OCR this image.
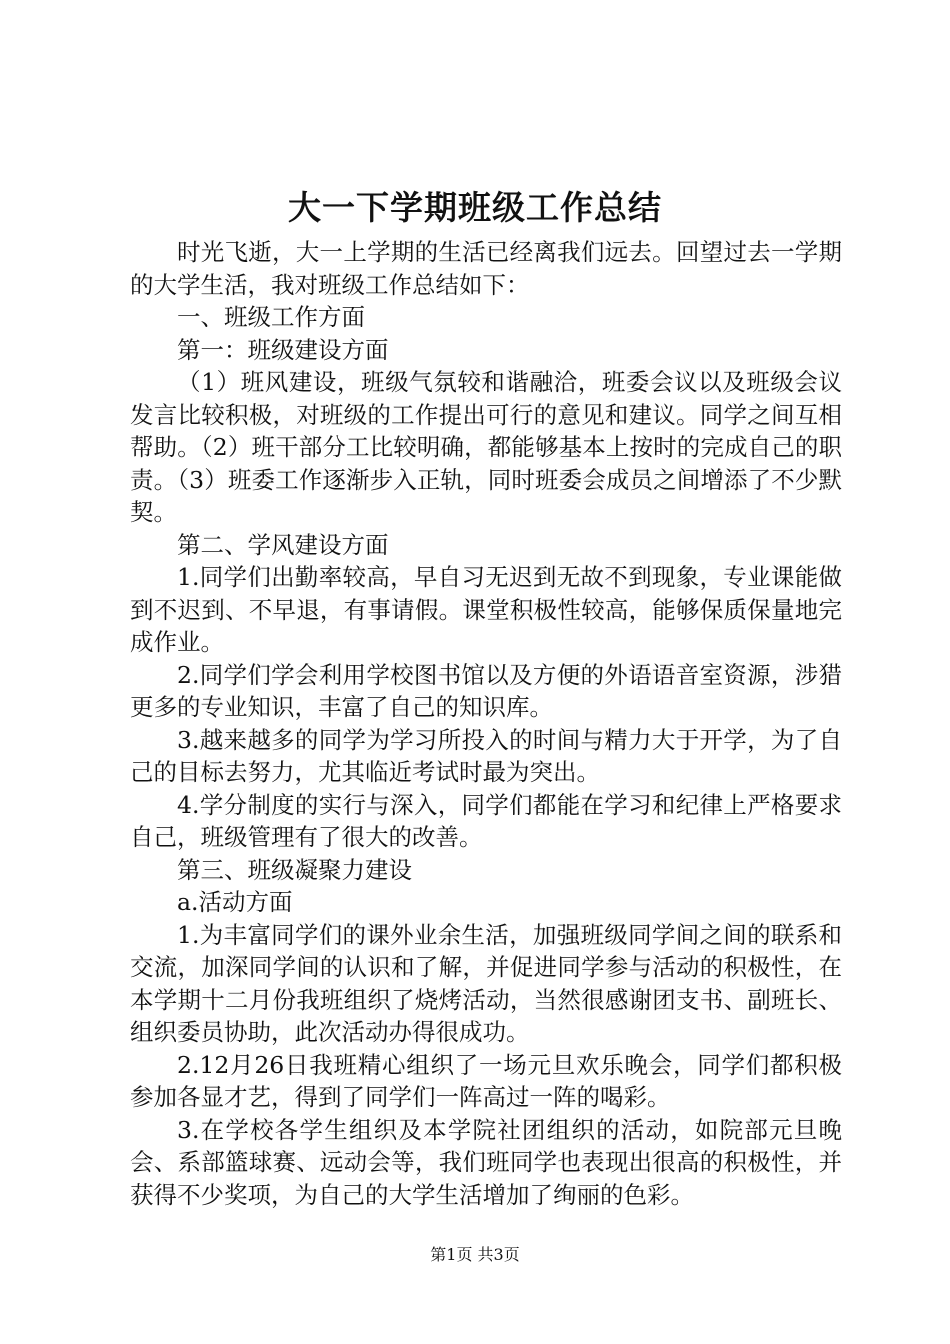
大一下学期班级工作总结

时光飞逝，大一上学期的生活已经离我们远去。回望过去一学期的大学生活，我对班级工作总结如下：

一、班级工作方面

第一：班级建设方面

（1）班风建设，班级气氛较和谐融洽，班委会议以及班级会议发言比较积极，对班级的工作提出可行的意见和建议。同学之间互相帮助。（2）班干部分工比较明确，都能够基本上按时的完成自己的职责。（3）班委工作逐渐步入正轨，同时班委会成员之间增添了不少默契。

第二、学风建设方面

1.同学们出勤率较高，早自习无迟到无故不到现象，专业课能做到不迟到、不早退，有事请假。课堂积极性较高，能够保质保量地完成作业。

2.同学们学会利用学校图书馆以及方便的外语语音室资源，涉猎更多的专业知识，丰富了自己的知识库。

3.越来越多的同学为学习所投入的时间与精力大于开学，为了自己的目标去努力，尤其临近考试时最为突出。

4.学分制度的实行与深入，同学们都能在学习和纪律上严格要求自己，班级管理有了很大的改善。

第三、班级凝聚力建设

a.活动方面

1.为丰富同学们的课外业余生活，加强班级同学间之间的联系和交流，加深同学间的认识和了解，并促进同学参与活动的积极性，在本学期十二月份我班组织了烧烤活动，当然很感谢团支书、副班长、组织委员协助，此次活动办得很成功。

2.12月26日我班精心组织了一场元旦欢乐晚会，同学们都积极参加各显才艺，得到了同学们一阵高过一阵的喝彩。

3.在学校各学生组织及本学院社团组织的活动，如院部元旦晚会、系部篮球赛、远动会等，我们班同学也表现出很高的积极性，并获得不少奖项，为自己的大学生活增加了绚丽的色彩。

第1页 共3页
